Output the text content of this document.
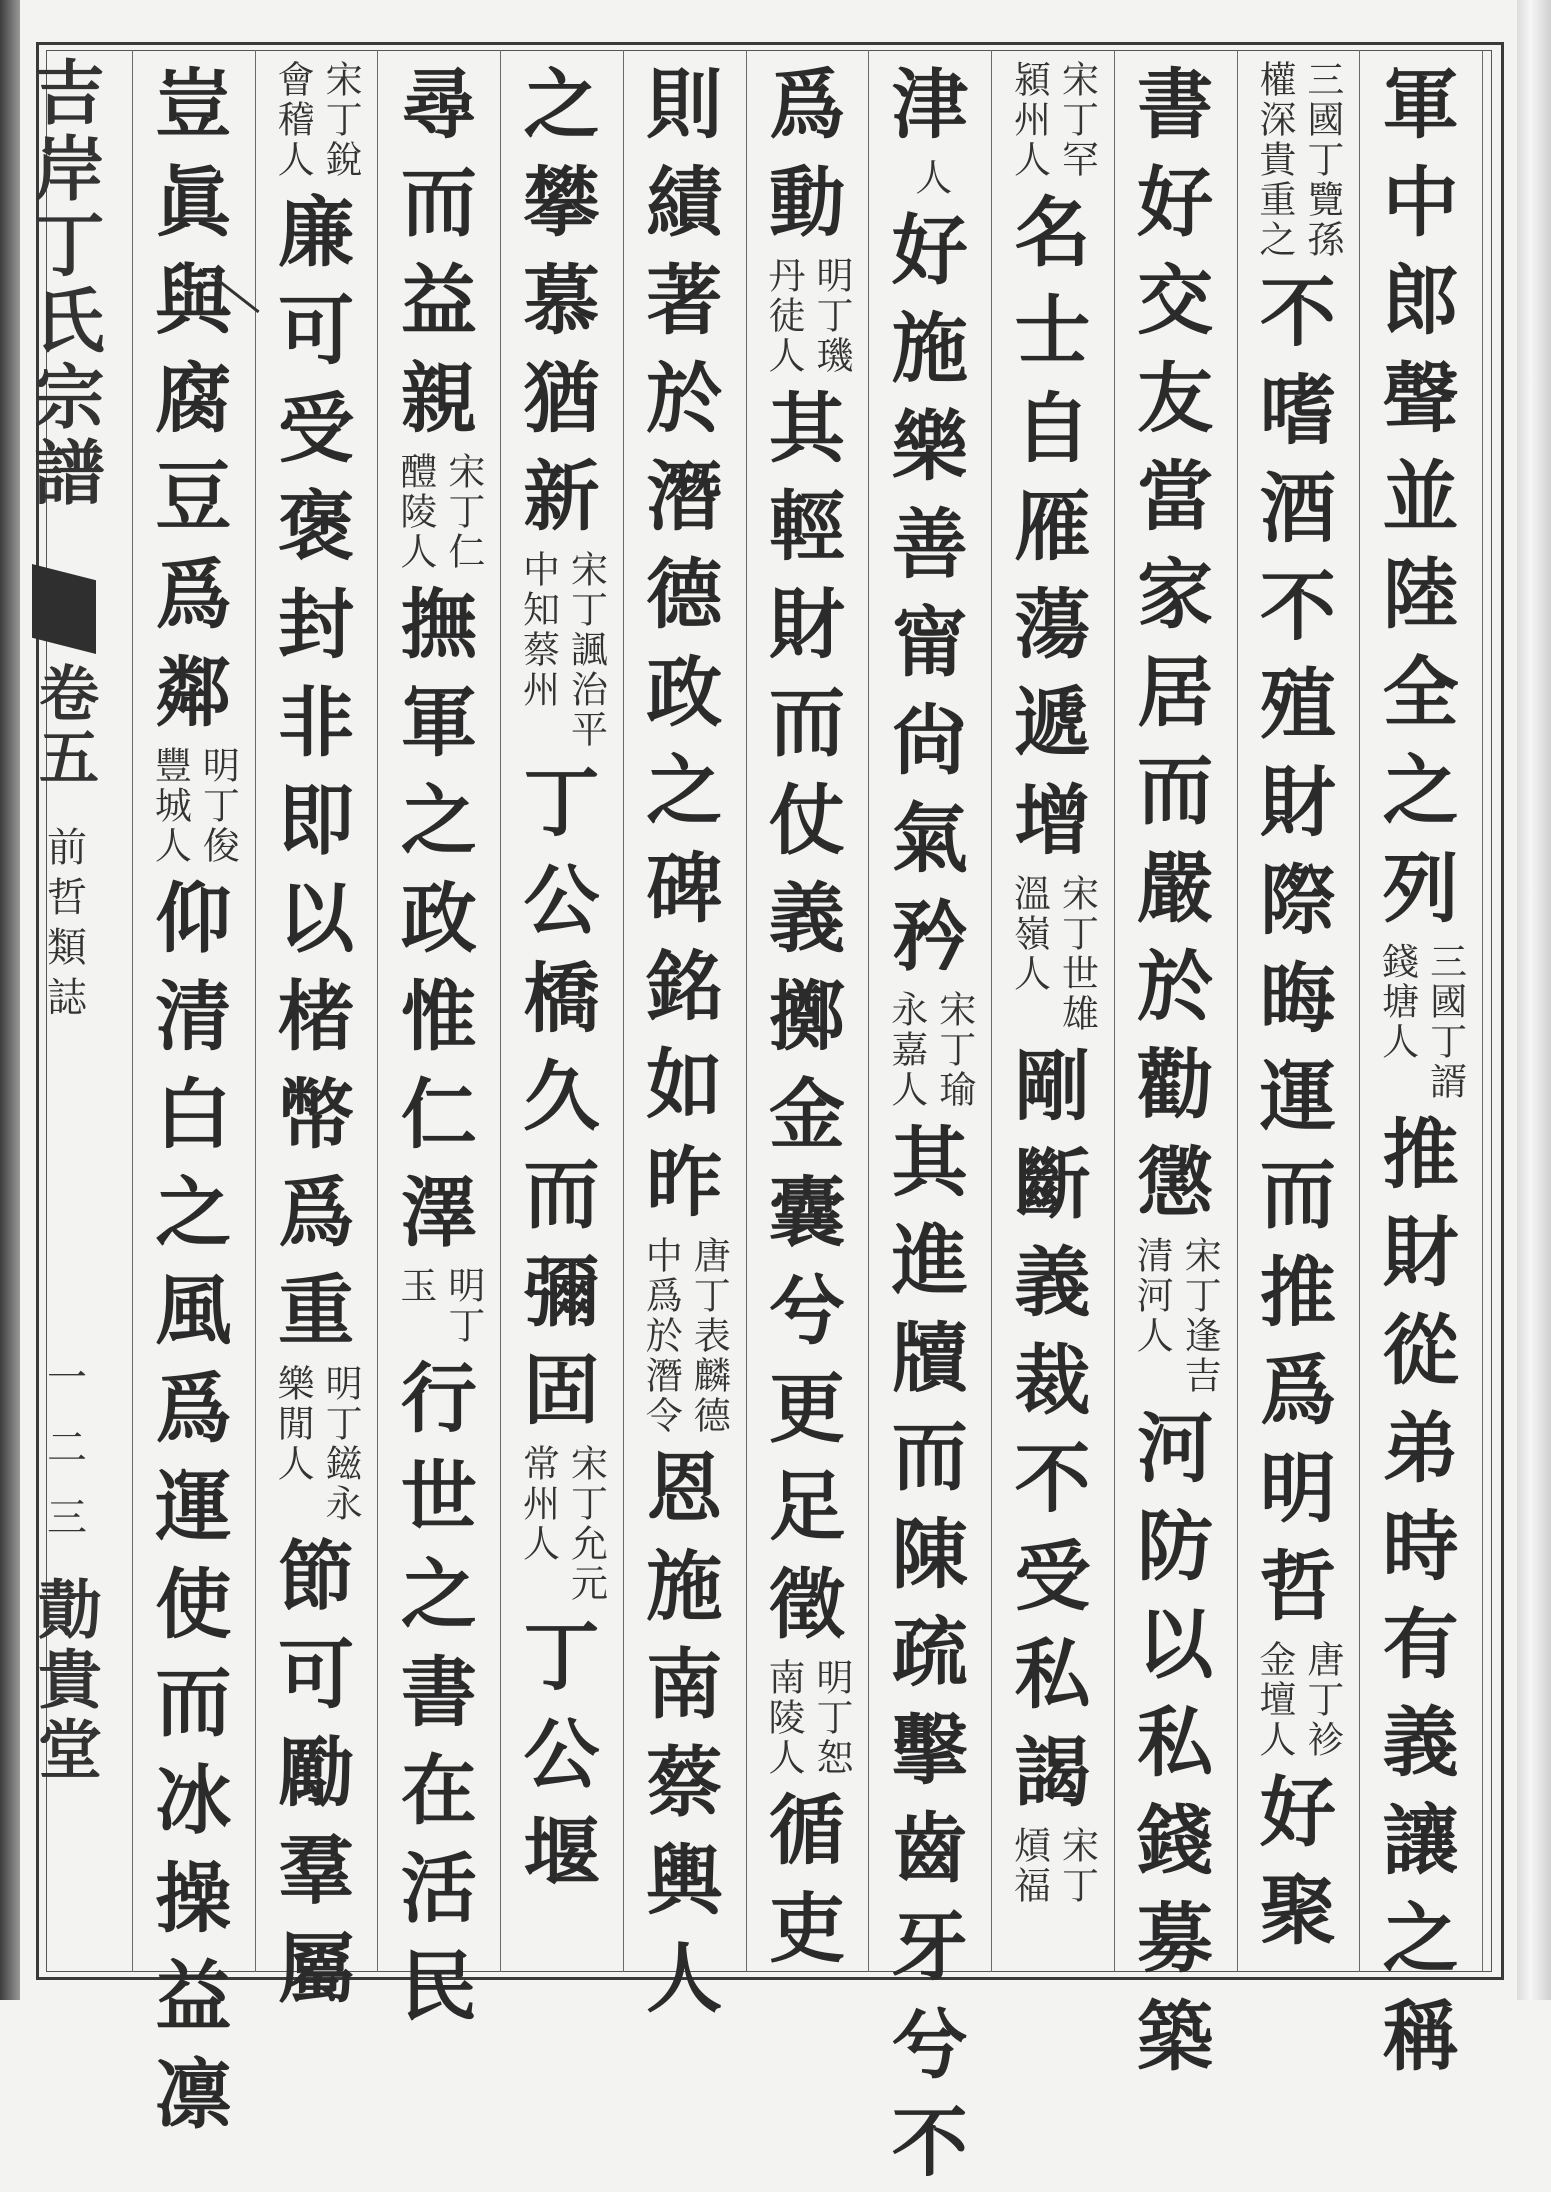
軍
中
郎
聲
並
陸
全
之
列
三國丁諝
錢塘人
推
財
從
弟
時
有
義
讓
之
稱
三國丁覽孫
權深貴重之
不
嗜
酒
不
殖
財
際
晦
運
而
推
爲
明
哲
唐丁袗
金壇人
好
聚
書
好
交
友
當
家
居
而
嚴
於
勸
懲
宋丁逢吉
清河人
河
防
以
私
錢
募
築
宋丁罕
潁州人
名
士
自
雁
蕩
遞
增
宋丁世雄
溫嶺人
剛
斷
義
裁
不
受
私
謁
宋丁
熕福
津
人
好
施
樂
善
甯
尙
氣
矜
宋丁瑜
永嘉人
其
進
牘
而
陳
疏
擊
齒
牙
兮
不
爲
動
明丁璣
丹徒人
其
輕
財
而
仗
義
擲
金
囊
兮
更
足
徵
明丁恕
南陵人
循
吏
則
績
著
於
潛
德
政
之
碑
銘
如
昨
唐丁表麟德
中爲於潛令
恩
施
南
蔡
輿
人
之
攀
慕
猶
新
宋丁諷治平
中知蔡州
丁
公
橋
久
而
彌
固
宋丁允元
常州人
丁
公
堰
尋
而
益
親
宋丁仁
醴陵人
撫
軍
之
政
惟
仁
澤
明丁
玉
行
世
之
書
在
活
民
宋丁銳
會稽人
廉
可
受
褒
封
非
即
以
楮
幣
爲
重
明丁鎡永
樂閒人
節
可
勵
羣
屬
豈
眞
與
腐
豆
爲
鄰
明丁俊
豐城人
仰
清
白
之
風
爲
運
使
而
冰
操
益
凛
吉岸丁氏宗譜
卷五
前哲類誌
一二三
勣貴堂
